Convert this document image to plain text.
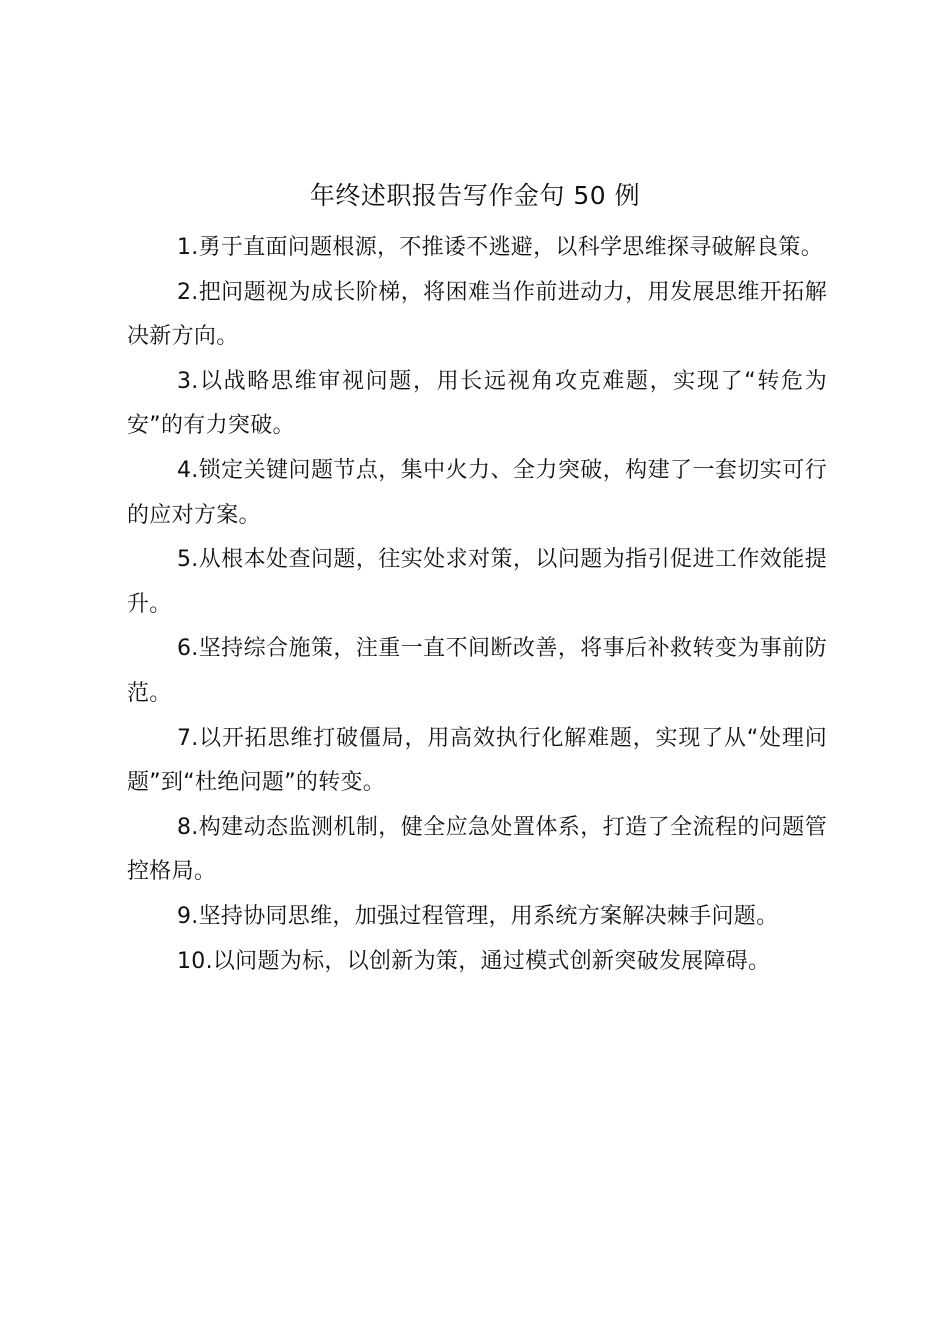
年终述职报告写作金句 50 例

1.勇于直面问题根源，不推诿不逃避，以科学思维探寻破解良策。

2.把问题视为成长阶梯，将困难当作前进动力，用发展思维开拓解决新方向。

3.以战略思维审视问题，用长远视角攻克难题，实现了“转危为安”的有力突破。

4.锁定关键问题节点，集中火力、全力突破，构建了一套切实可行的应对方案。

5.从根本处查问题，往实处求对策，以问题为指引促进工作效能提升。

6.坚持综合施策，注重一直不间断改善，将事后补救转变为事前防范。

7.以开拓思维打破僵局，用高效执行化解难题，实现了从“处理问题”到“杜绝问题”的转变。

8.构建动态监测机制，健全应急处置体系，打造了全流程的问题管控格局。

9.坚持协同思维，加强过程管理，用系统方案解决棘手问题。

10.以问题为标，以创新为策，通过模式创新突破发展障碍。
